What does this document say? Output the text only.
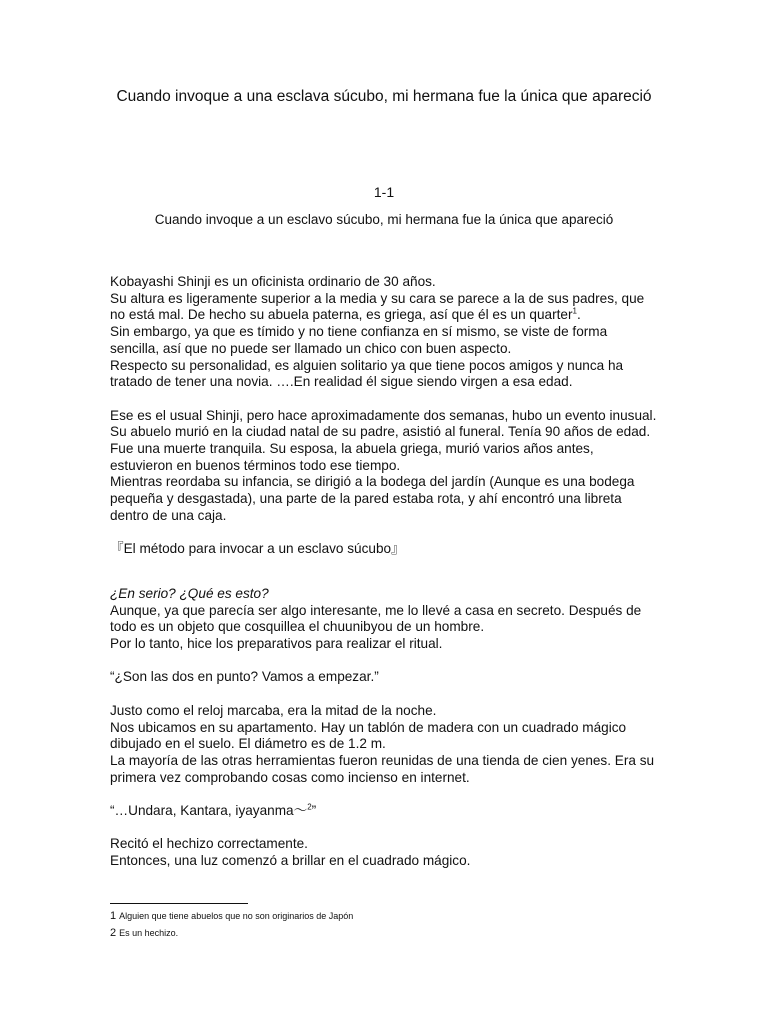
Cuando invoque a una esclava súcubo, mi hermana fue la única que apareció
1-1
Cuando invoque a un esclavo súcubo, mi hermana fue la única que apareció

Kobayashi Shinji es un oficinista ordinario de 30 años.

Su altura es ligeramente superior a la media y su cara se parece a la de sus padres, que no está mal. De hecho su abuela paterna, es griega, así que él es un quarter$^1$.

Sin embargo, ya que es tímido y no tiene confianza en sí mismo, se viste de forma sencilla, así que no puede ser llamado un chico con buen aspecto.

Respecto su personalidad, es alguien solitario ya que tiene pocos amigos y nunca ha tratado de tener una novia. ….En realidad él sigue siendo virgen a esa edad.

Ese es el usual Shinji, pero hace aproximadamente dos semanas, hubo un evento inusual.

Su abuelo murió en la ciudad natal de su padre, asistió al funeral. Tenía 90 años de edad. Fue una muerte tranquila. Su esposa, la abuela griega, murió varios años antes, estuvieron en buenos términos todo ese tiempo.

Mientras reordaba su infancia, se dirigió a la bodega del jardín (Aunque es una bodega pequeña y desgastada), una parte de la pared estaba rota, y ahí encontró una libreta dentro de una caja.

『El método para invocar a un esclavo súcubo』

¿En serio? ¿Qué es esto?

Aunque, ya que parecía ser algo interesante, me lo llevé a casa en secreto. Después de todo es un objeto que cosquillea el chuunibyou de un hombre.

Por lo tanto, hice los preparativos para realizar el ritual.

“¿Son las dos en punto? Vamos a empezar.”

Justo como el reloj marcaba, era la mitad de la noche.

Nos ubicamos en su apartamento. Hay un tablón de madera con un cuadrado mágico dibujado en el suelo. El diámetro es de 1.2 m.

La mayoría de las otras herramientas fueron reunidas de una tienda de cien yenes. Era su primera vez comprobando cosas como incienso en internet.

“…Undara, Kantara, iyayanma～$^2$”

Recitó el hechizo correctamente.

Entonces, una luz comenzó a brillar en el cuadrado mágico.

1 Alguien que tiene abuelos que no son originarios de Japón

2 Es un hechizo.
